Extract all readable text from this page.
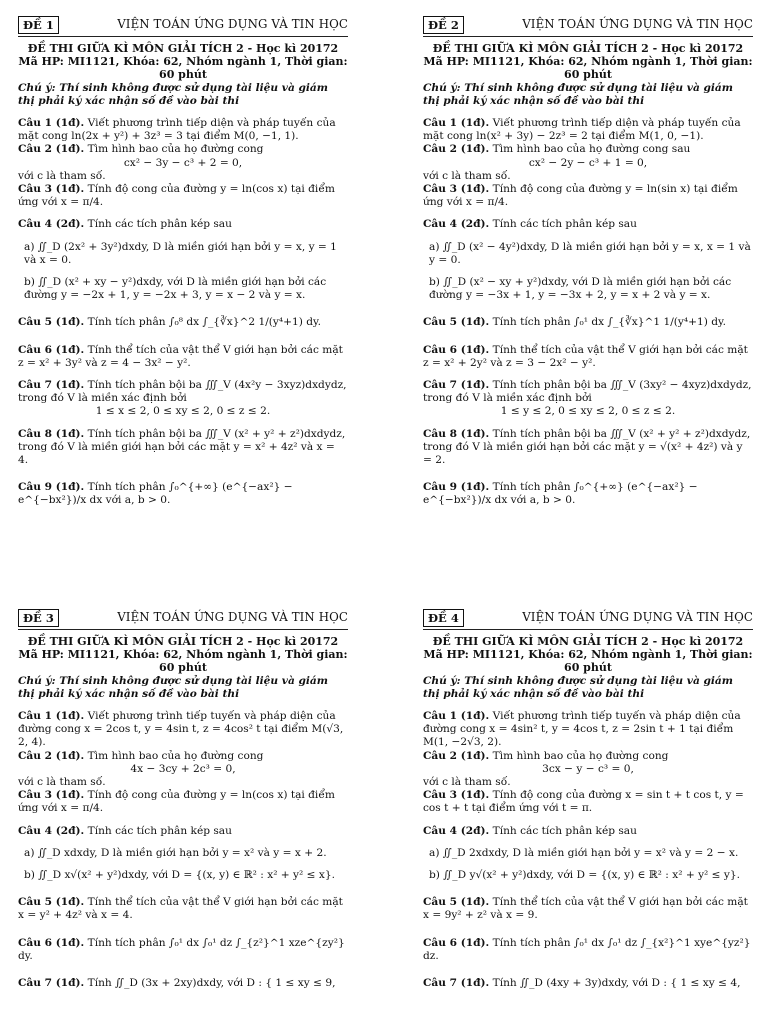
ĐỀ 1	VIỆN TOÁN ỨNG DỤNG VÀ TIN HỌC
ĐỀ THI GIỮA KÌ MÔN GIẢI TÍCH 2 - Học kì 20172
Mã HP: MI1121, Khóa: 62, Nhóm ngành 1, Thời gian: 60 phút
Chú ý: Thí sinh không được sử dụng tài liệu và giám thị phải ký xác nhận số đề vào bài thi

Câu 1 (1đ). Viết phương trình tiếp diện và pháp tuyến của mặt cong ln(2x + y²) + 3z³ = 3 tại điểm M(0, −1, 1).

Câu 2 (1đ). Tìm hình bao của họ đường cong

cx² − 3y − c³ + 2 = 0,

với c là tham số.

Câu 3 (1đ). Tính độ cong của đường y = ln(cos x) tại điểm ứng với x = π/4.

Câu 4 (2đ). Tính các tích phân kép sau

a) ∬_D (2x² + 3y²)dxdy, D là miền giới hạn bởi y = x, y = 1 và x = 0.

b) ∬_D (x² + xy − y²)dxdy, với D là miền giới hạn bởi các đường y = −2x + 1, y = −2x + 3, y = x − 2 và y = x.

Câu 5 (1đ). Tính tích phân ∫₀⁸ dx ∫_{∛x}^2 1/(y⁴+1) dy.

Câu 6 (1đ). Tính thể tích của vật thể V giới hạn bởi các mặt z = x² + 3y² và z = 4 − 3x² − y².

Câu 7 (1đ). Tính tích phân bội ba ∭_V (4x²y − 3xyz)dxdydz,

trong đó V là miền xác định bởi

1 ≤ x ≤ 2, 0 ≤ xy ≤ 2, 0 ≤ z ≤ 2.

Câu 8 (1đ). Tính tích phân bội ba ∭_V (x² + y² + z²)dxdydz,

trong đó V là miền giới hạn bởi các mặt y = x² + 4z² và x = 4.

Câu 9 (1đ). Tính tích phân ∫₀^{+∞} (e^{−ax²} − e^{−bx²})/x dx với a, b > 0.

ĐỀ 2	VIỆN TOÁN ỨNG DỤNG VÀ TIN HỌC
ĐỀ THI GIỮA KÌ MÔN GIẢI TÍCH 2 - Học kì 20172
Mã HP: MI1121, Khóa: 62, Nhóm ngành 1, Thời gian: 60 phút
Chú ý: Thí sinh không được sử dụng tài liệu và giám thị phải ký xác nhận số đề vào bài thi

Câu 1 (1đ). Viết phương trình tiếp diện và pháp tuyến của mặt cong ln(x² + 3y) − 2z³ = 2 tại điểm M(1, 0, −1).

Câu 2 (1đ). Tìm hình bao của họ đường cong sau

cx² − 2y − c³ + 1 = 0,

với c là tham số.

Câu 3 (1đ). Tính độ cong của đường y = ln(sin x) tại điểm ứng với x = π/4.

Câu 4 (2đ). Tính các tích phân kép sau

a) ∬_D (x² − 4y²)dxdy, D là miền giới hạn bởi y = x, x = 1 và y = 0.

b) ∬_D (x² − xy + y²)dxdy, với D là miền giới hạn bởi các đường y = −3x + 1, y = −3x + 2, y = x + 2 và y = x.

Câu 5 (1đ). Tính tích phân ∫₀¹ dx ∫_{∛x}^1 1/(y⁴+1) dy.

Câu 6 (1đ). Tính thể tích của vật thể V giới hạn bởi các mặt z = x² + 2y² và z = 3 − 2x² − y².

Câu 7 (1đ). Tính tích phân bội ba ∭_V (3xy² − 4xyz)dxdydz,

trong đó V là miền xác định bởi

1 ≤ y ≤ 2, 0 ≤ xy ≤ 2, 0 ≤ z ≤ 2.

Câu 8 (1đ). Tính tích phân bội ba ∭_V (x² + y² + z²)dxdydz,

trong đó V là miền giới hạn bởi các mặt y = √(x² + 4z²) và y = 2.

Câu 9 (1đ). Tính tích phân ∫₀^{+∞} (e^{−ax²} − e^{−bx²})/x dx với a, b > 0.

ĐỀ 3	VIỆN TOÁN ỨNG DỤNG VÀ TIN HỌC
ĐỀ THI GIỮA KÌ MÔN GIẢI TÍCH 2 - Học kì 20172
Mã HP: MI1121, Khóa: 62, Nhóm ngành 1, Thời gian: 60 phút
Chú ý: Thí sinh không được sử dụng tài liệu và giám thị phải ký xác nhận số đề vào bài thi

Câu 1 (1đ). Viết phương trình tiếp tuyến và pháp diện của đường cong x = 2cos t, y = 4sin t, z = 4cos² t tại điểm M(√3, 2, 4).

Câu 2 (1đ). Tìm hình bao của họ đường cong

4x − 3cy + 2c³ = 0,

với c là tham số.

Câu 3 (1đ). Tính độ cong của đường y = ln(cos x) tại điểm ứng với x = π/4.

Câu 4 (2đ). Tính các tích phân kép sau

a) ∬_D xdxdy, D là miền giới hạn bởi y = x² và y = x + 2.

b) ∬_D x√(x² + y²)dxdy, với D = {(x, y) ∈ ℝ² : x² + y² ≤ x}.

Câu 5 (1đ). Tính thể tích của vật thể V giới hạn bởi các mặt x = y² + 4z² và x = 4.

Câu 6 (1đ). Tính tích phân ∫₀¹ dx ∫₀¹ dz ∫_{z²}^1 xze^{zy²} dy.

Câu 7 (1đ). Tính ∬_D (3x + 2xy)dxdy, với D : { 1 ≤ xy ≤ 9,

ĐỀ 4	VIỆN TOÁN ỨNG DỤNG VÀ TIN HỌC
ĐỀ THI GIỮA KÌ MÔN GIẢI TÍCH 2 - Học kì 20172
Mã HP: MI1121, Khóa: 62, Nhóm ngành 1, Thời gian: 60 phút
Chú ý: Thí sinh không được sử dụng tài liệu và giám thị phải ký xác nhận số đề vào bài thi

Câu 1 (1đ). Viết phương trình tiếp tuyến và pháp diện của đường cong x = 4sin² t, y = 4cos t, z = 2sin t + 1 tại điểm M(1, −2√3, 2).

Câu 2 (1đ). Tìm hình bao của họ đường cong

3cx − y − c³ = 0,

với c là tham số.

Câu 3 (1đ). Tính độ cong của đường x = sin t + t cos t, y = cos t + t tại điểm ứng với t = π.

Câu 4 (2đ). Tính các tích phân kép sau

a) ∬_D 2xdxdy, D là miền giới hạn bởi y = x² và y = 2 − x.

b) ∬_D y√(x² + y²)dxdy, với D = {(x, y) ∈ ℝ² : x² + y² ≤ y}.

Câu 5 (1đ). Tính thể tích của vật thể V giới hạn bởi các mặt x = 9y² + z² và x = 9.

Câu 6 (1đ). Tính tích phân ∫₀¹ dx ∫₀¹ dz ∫_{x²}^1 xye^{yz²} dz.

Câu 7 (1đ). Tính ∬_D (4xy + 3y)dxdy, với D : { 1 ≤ xy ≤ 4,
